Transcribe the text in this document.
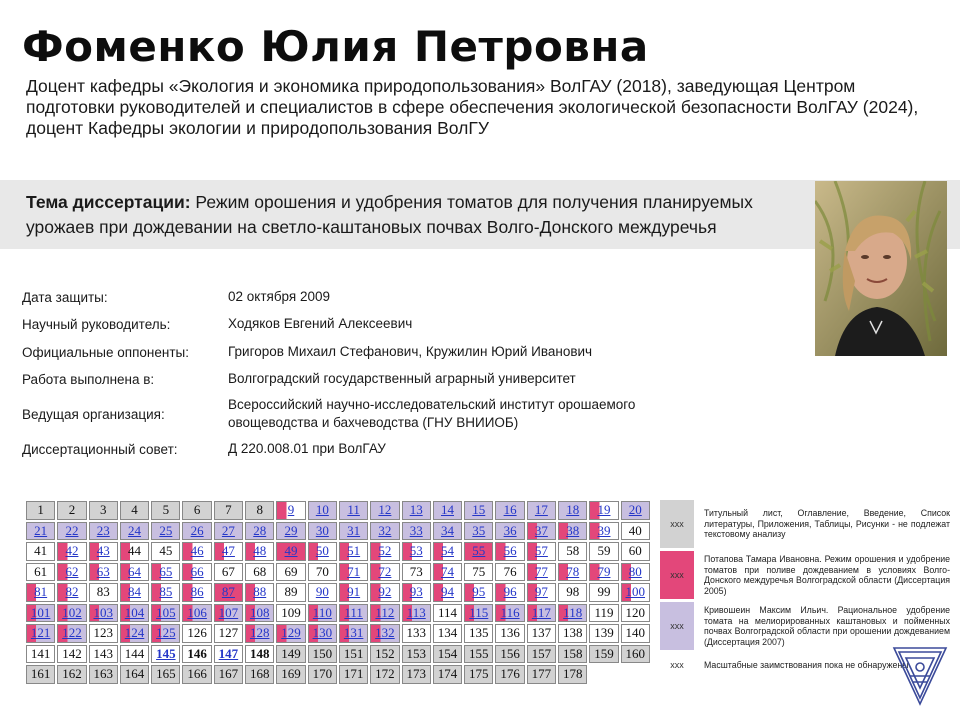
Фоменко Юлия Петровна
Доцент кафедры «Экология и экономика природопользования» ВолГАУ (2018), заведующая Центром подготовки руководителей и специалистов в сфере обеспечения экологической безопасности ВолГАУ (2024), доцент Кафедры экологии и природопользования ВолГУ
Тема диссертации: Режим орошения и удобрения томатов для получения планируемых урожаев при дождевании на светло-каштановых почвах Волго-Донского междуречья
Дата защиты:	02 октября 2009
Научный руководитель:	Ходяков Евгений Алексеевич
Официальные оппоненты:	Григоров Михаил Стефанович, Кружилин Юрий Иванович
Работа выполнена в:	Волгоградский государственный аграрный университет
Ведущая организация:
Всероссийский научно-исследовательский институт орошаемого овощеводства и бахчеводства (ГНУ ВНИИОБ)
Диссертационный совет:	Д 220.008.01 при ВолГАУ
1 2 3 4 5 6 7 8 9 10 11 12 13 14 15 16 17 18 19 20
21 22 23 24 25 26 27 28 29 30 31 32 33 34 35 36 37 38 39 40
41 42 43 44 45 46 47 48 49 50 51 52 53 54 55 56 57 58 59 60
61 62 63 64 65 66 67 68 69 70 71 72 73 74 75 76 77 78 79 80
81 82 83 84 85 86 87 88 89 90 91 92 93 94 95 96 97 98 99 100
101 102 103 104 105 106 107 108 109 110 111 112 113 114 115 116 117 118 119 120
121 122 123 124 125 126 127 128 129 130 131 132 133 134 135 136 137 138 139 140
141 142 143 144 145 146 147 148 149 150 151 152 153 154 155 156 157 158 159 160
161 162 163 164 165 166 167 168 169 170 171 172 173 174 175 176 177 178
xxx
Титульный лист, Оглавление, Введение, Список литературы, Приложения, Таблицы, Рисунки - не подлежат текстовому анализу
xxx
Потапова Тамара Ивановна. Режим орошения и удобрение томатов при поливе дождеванием в условиях Волго-Донского междуречья Волгоградской области (Диссертация 2005)
xxx
Кривошеин Максим Ильич. Рациональное удобрение томата на мелиорированных каштановых и пойменных почвах Волгоградской области при орошении дождеванием (Диссертация 2007)
xxx	Масштабные заимствования пока не обнаружены
